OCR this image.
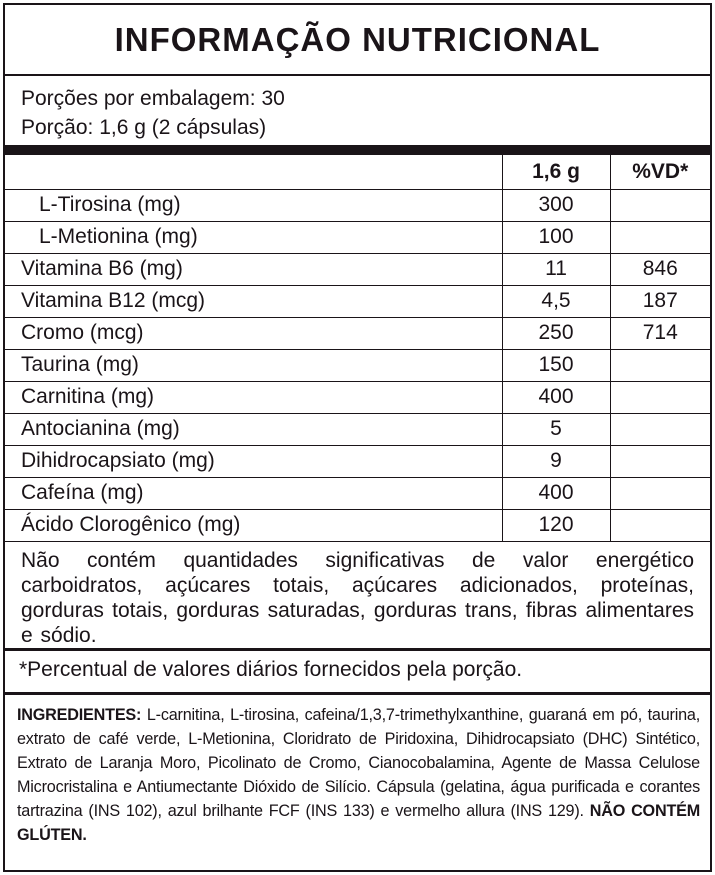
INFORMAÇÃO NUTRICIONAL
Porções por embalagem: 30
Porção: 1,6 g (2 cápsulas)
	1,6 g	%VD*
L-Tirosina (mg)	300	
L-Metionina (mg)	100	
Vitamina B6 (mg)	11	846
Vitamina B12 (mcg)	4,5	187
Cromo (mcg)	250	714
Taurina (mg)	150	
Carnitina (mg)	400	
Antocianina (mg)	5	
Dihidrocapsiato (mg)	9	
Cafeína (mg)	400	
Ácido Clorogênico (mg)	120	
Não contém quantidades significativas de valor energético carboidratos, açúcares totais, açúcares adicionados, proteínas, gorduras totais, gorduras saturadas, gorduras trans, fibras alimentares e sódio.
*Percentual de valores diários fornecidos pela porção.
INGREDIENTES: L-carnitina, L-tirosina, cafeina/1,3,7-trimethylxanthine, guaraná em pó, taurina, extrato de café verde, L-Metionina, Cloridrato de Piridoxina, Dihidrocapsiato (DHC) Sintético, Extrato de Laranja Moro, Picolinato de Cromo, Cianocobalamina, Agente de Massa Celulose Microcristalina e Antiumectante Dióxido de Silício. Cápsula (gelatina, água purificada e corantes tartrazina (INS 102), azul brilhante FCF (INS 133) e vermelho allura (INS 129). NÃO CONTÉM GLÚTEN.
